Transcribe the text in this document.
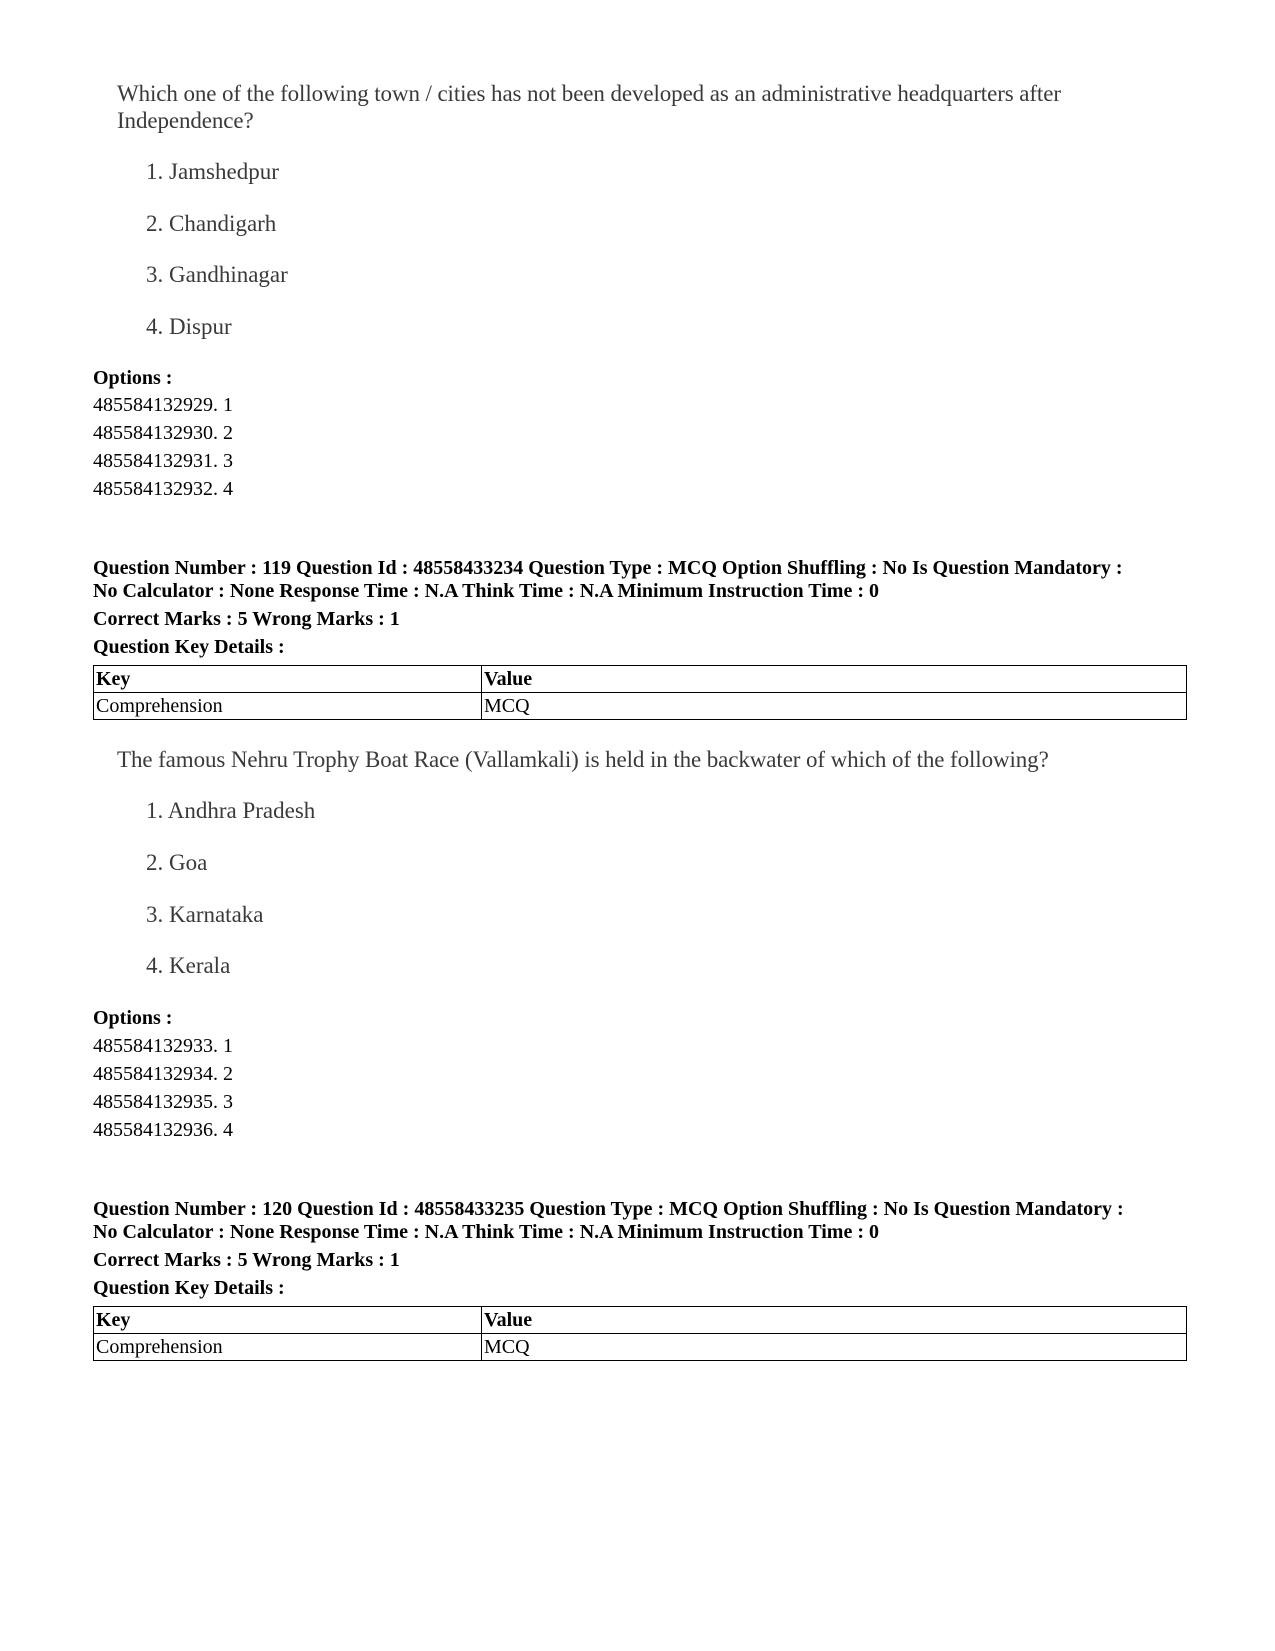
Which one of the following town / cities has not been developed as an administrative headquarters after
Independence?
1. Jamshedpur
2. Chandigarh
3. Gandhinagar
4. Dispur
Options :
485584132929. 1
485584132930. 2
485584132931. 3
485584132932. 4
Question Number : 119 Question Id : 48558433234 Question Type : MCQ Option Shuffling : No Is Question Mandatory :
No Calculator : None Response Time : N.A Think Time : N.A Minimum Instruction Time : 0
Correct Marks : 5 Wrong Marks : 1
Question Key Details :
Key	Value
Comprehension	MCQ
The famous Nehru Trophy Boat Race (Vallamkali) is held in the backwater of which of the following?
1. Andhra Pradesh
2. Goa
3. Karnataka
4. Kerala
Options :
485584132933. 1
485584132934. 2
485584132935. 3
485584132936. 4
Question Number : 120 Question Id : 48558433235 Question Type : MCQ Option Shuffling : No Is Question Mandatory :
No Calculator : None Response Time : N.A Think Time : N.A Minimum Instruction Time : 0
Correct Marks : 5 Wrong Marks : 1
Question Key Details :
Key	Value
Comprehension	MCQ
